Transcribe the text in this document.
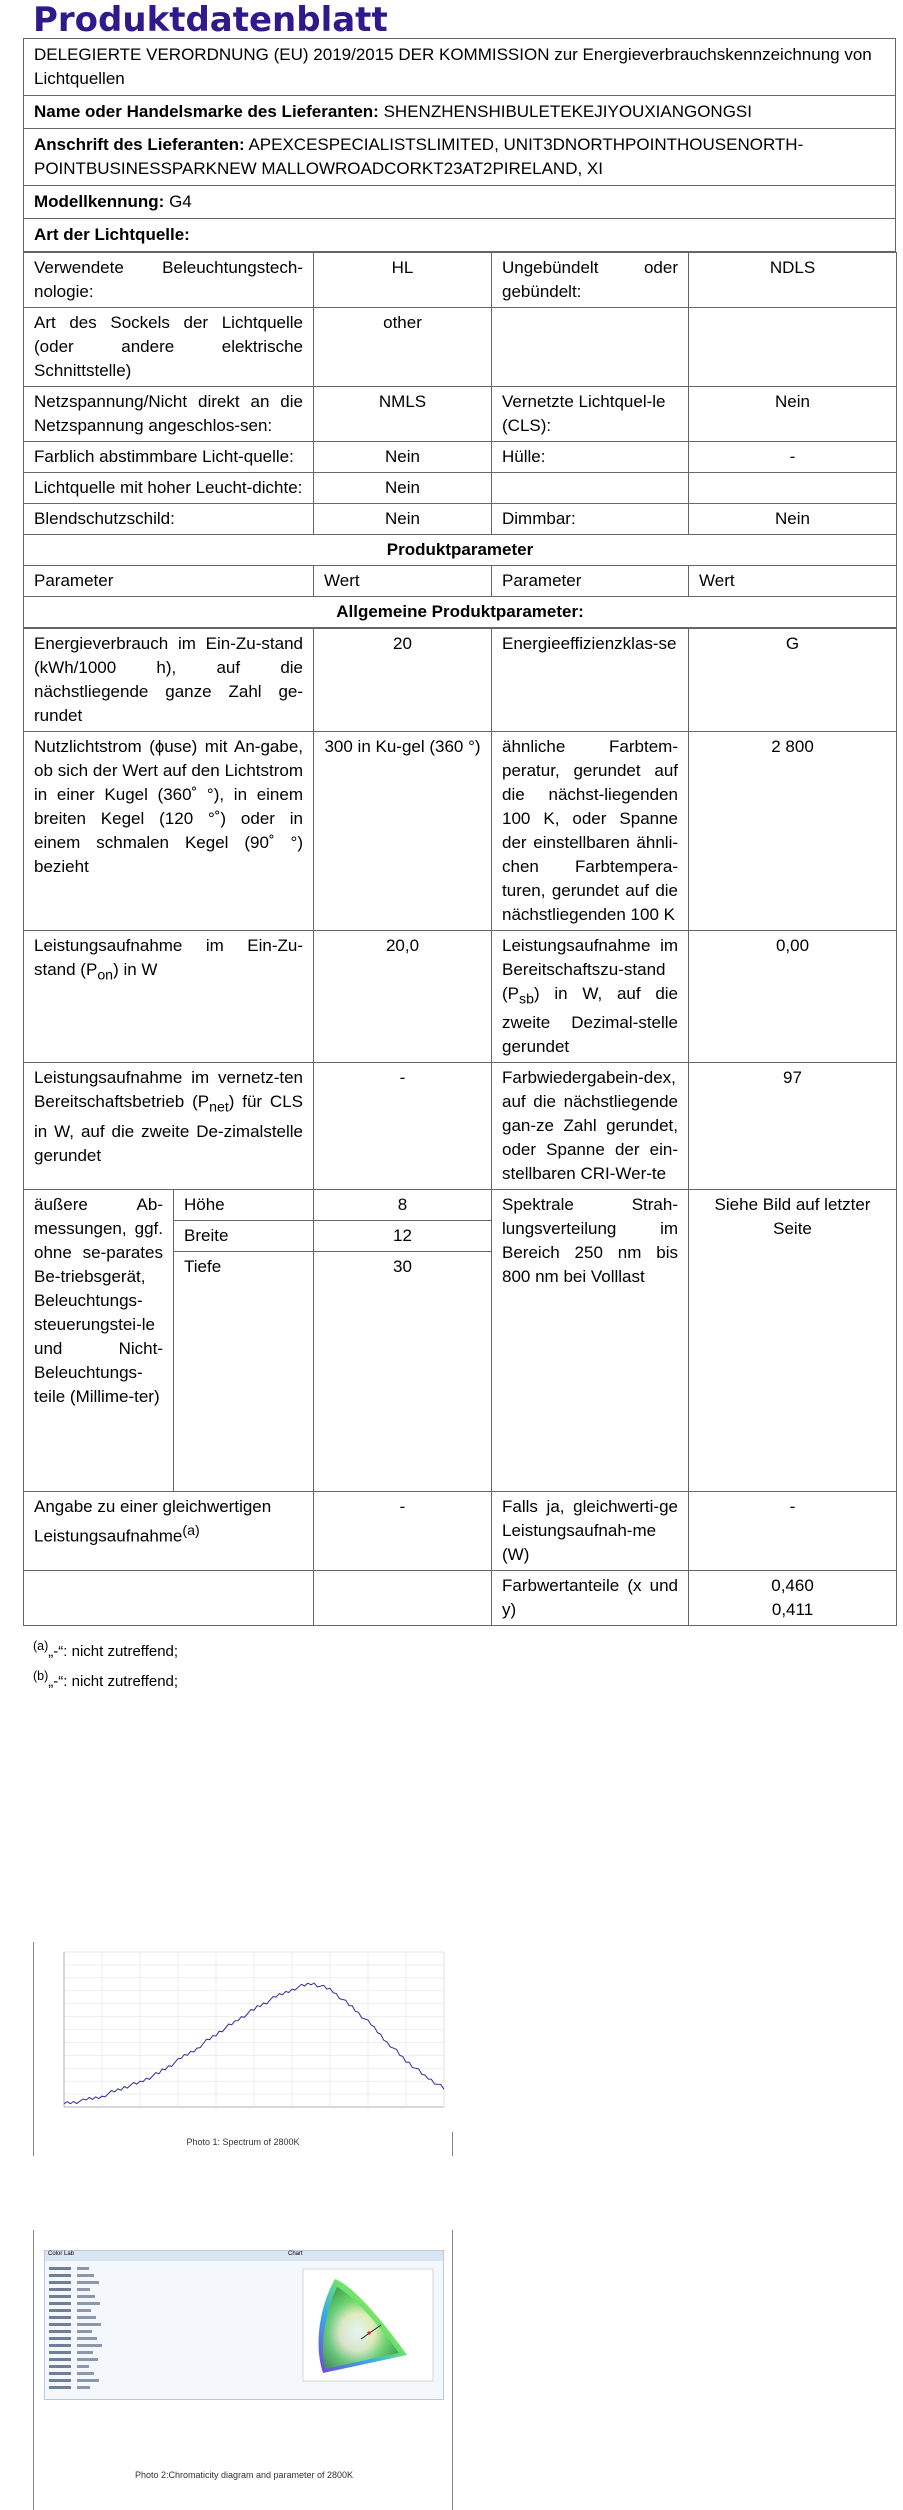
Produktdatenblatt
DELEGIERTE VERORDNUNG (EU) 2019/2015 DER KOMMISSION zur Energieverbrauchskennzeichnung von Lichtquellen
Name oder Handelsmarke des Lieferanten: SHENZHENSHIBULETEKEJIYOUXIANGONGSI
Anschrift des Lieferanten: APEXCESPECIALISTSLIMITED, UNIT3DNORTHPOINTHOUSENORTH-POINTBUSINESSPARKNEW MALLOWROADCORKT23AT2PIRELAND, XI
Modellkennung: G4
Art der Lichtquelle:
Verwendete Beleuchtungstech-nologie:	HL	Ungebündelt oder gebündelt:	NDLS
Art des Sockels der Lichtquelle (oder andere elektrische Schnittstelle)	other		
Netzspannung/Nicht direkt an die Netzspannung angeschlos-sen:	NMLS	Vernetzte Lichtquel-le (CLS):	Nein
Farblich abstimmbare Licht-quelle:	Nein	Hülle:	-
Lichtquelle mit hoher Leucht-dichte:	Nein		
Blendschutzschild:	Nein	Dimmbar:	Nein
Produktparameter			
Parameter	Wert	Parameter	Wert
Allgemeine Produktparameter:			
Energieverbrauch im Ein-Zu-stand (kWh/1000 h), auf die nächstliegende ganze Zahl ge-rundet		20	Energieeffizienzklas-se	G
Nutzlichtstrom (ɸuse) mit An-gabe, ob sich der Wert auf den Lichtstrom in einer Kugel (360˚ °), in einem breiten Kegel (120 °˚) oder in einem schmalen Kegel (90˚ °) bezieht		300 in Ku-gel (360 °)	ähnliche Farbtem-peratur, gerundet auf die nächst-liegenden 100 K, oder Spanne der einstellbaren ähnli-chen Farbtempera-turen, gerundet auf die nächstliegenden 100 K	2 800
Leistungsaufnahme im Ein-Zu-stand $(P_{on})$ in W		20,0	Leistungsaufnahme im Bereitschaftszu-stand $(P_{sb})$ in W, auf die zweite Dezimal-stelle gerundet	0,00
Leistungsaufnahme im vernetz-ten Bereitschaftsbetrieb $(P_{net})$ für CLS in W, auf die zweite De-zimalstelle gerundet		-	Farbwiedergabein-dex, auf die nächstliegende gan-ze Zahl gerundet, oder Spanne der ein-stellbaren CRI-Wer-te	97
äußere Ab-messungen, ggf. ohne se-parates Be-triebsgerät, Beleuchtungs-steuerungstei-le und Nicht-Beleuchtungs-teile (Millime-ter)	Höhe	8	Spektrale Strah-lungsverteilung im Bereich 250 nm bis 800 nm bei Volllast	Siehe Bild auf letzter Seite
	Breite	12		
	Tiefe	30		
Angabe zu einer gleichwertigen Leistungsaufnahme$^{(a)}$		-	Falls ja, gleichwerti-ge Leistungsaufnah-me (W)	-
			Farbwertanteile (x und y)	0,460
0,411
$^{(a)}$„-“: nicht zutreffend;
$^{(b)}$„-“: nicht zutreffend;
Photo 1: Spectrum of 2800K
Color Lab	Chart
Photo 2:Chromaticity diagram and parameter of 2800K
